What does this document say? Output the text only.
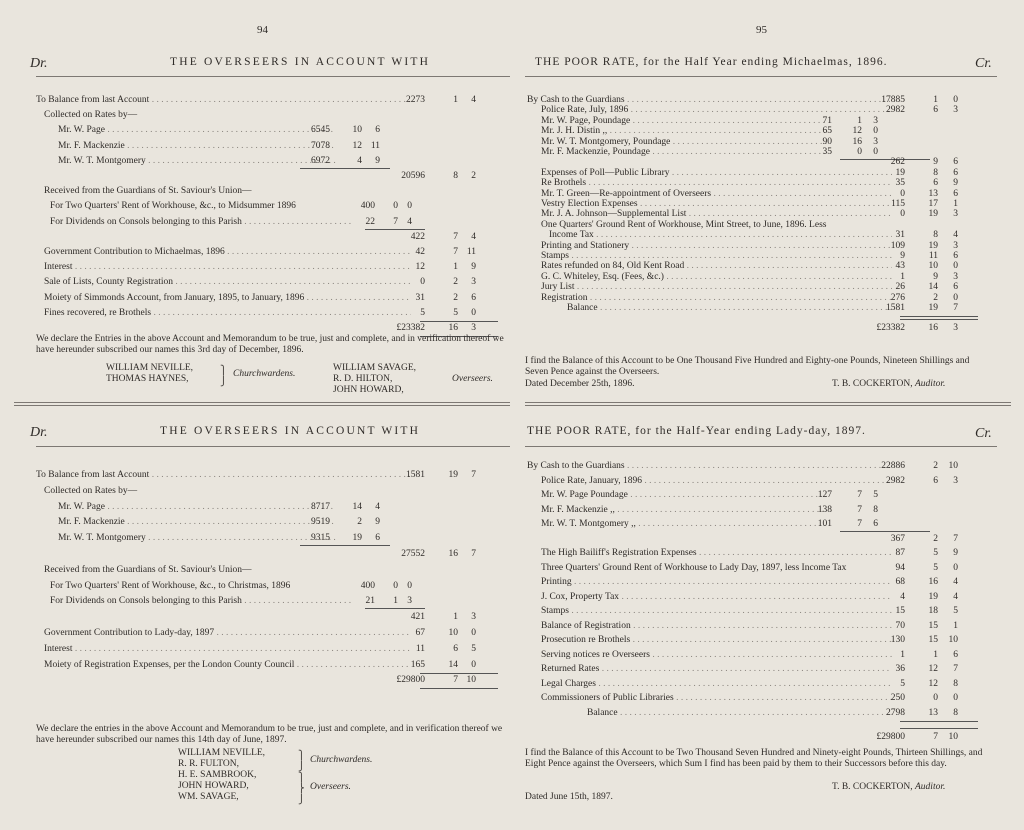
94	95
Dr.	THE OVERSEERS IN ACCOUNT WITH	THE POOR RATE, for the Half Year ending Michaelmas, 1896.	Cr.
To Balance from last Account . . .	2273	1	4
Collected on Rates by—
Mr. W. Page . . .	6545	10	6
Mr. F. Mackenzie . . .	7078	12 11
Mr. W. T. Montgomery . . .	6972	4	9
20596	8	2
Received from the Guardians of St. Saviour's Union—
For Two Quarters' Rent of Workhouse, &c., to Midsummer 1896	400	0 0
For Dividends on Consols belonging to this Parish . . .	22	7 4
422	7	4
Government Contribution to Michaelmas, 1896 . . .	42	7 11
Interest . . .	12	1	9
Sale of Lists, County Registration . . .	0	2	3
Moiety of Simmonds Account, from January, 1895, to January, 1896 . . .	31	2	6
Fines recovered, re Brothels . . .	5	5	0
£23382	16	3
By Cash to the Guardians . . .	17885	1	0
Police Rate, July, 1896 . . .	2982	6	3
Mr. W. Page, Poundage . . .	71	1	3
Mr. J. H. Distin ,, . . .	65	12	0
Mr. W. T. Montgomery, Poundage . . .	90	16	3
Mr. F. Mackenzie, Poundage . . .	35	0	0
262	9	6
Expenses of Poll—Public Library . . .	19	8	6
Re Brothels . . .	35	6	9
Mr. T. Green—Re-appointment of Overseers . . .	0	13	6
Vestry Election Expenses . . .	115	17	1
Mr. J. A. Johnson—Supplemental List . . .	0	19	3
One Quarters' Ground Rent of Workhouse, Mint Street, to June, 1896. Less
Income Tax . . .	31	8	4
Printing and Stationery . . .	109	19	3
Stamps . . .	9	11	6
Rates refunded on 84, Old Kent Road . . .	43	10	0
G. C. Whiteley, Esq. (Fees, &c.) . . .	1	9	3
Jury List . . .	26	14	6
Registration . . .	276	2	0
Balance . . .	1581	19	7
£23382	16	3
We declare the Entries in the above Account and Memorandum to be true, just and complete, and in verification thereof we have hereunder subscribed our names this 3rd day of December, 1896.
WILLIAM NEVILLE,
THOMAS HAYNES,
⎫
⎭
Churchwardens.
WILLIAM SAVAGE,
R. D. HILTON,
JOHN HOWARD,
Overseers.
I find the Balance of this Account to be One Thousand Five Hundred and Eighty-one Pounds, Nineteen Shillings and Seven Pence against the Overseers.
Dated December 25th, 1896.	T. B. COCKERTON, Auditor.
Dr.	THE OVERSEERS IN ACCOUNT WITH	THE POOR RATE, for the Half-Year ending Lady-day, 1897.	Cr.
To Balance from last Account . . .	1581	19	7
Collected on Rates by—
Mr. W. Page . . .	8717	14	4
Mr. F. Mackenzie . . .	9519	2	9
Mr. W. T. Montgomery . . .	9315	19	6
27552	16	7
Received from the Guardians of St. Saviour's Union—
For Two Quarters' Rent of Workhouse, &c., to Christmas, 1896	400	0 0
For Dividends on Consols belonging to this Parish . . .	21	1 3
421	1	3
Government Contribution to Lady-day, 1897 . . .	67	10	0
Interest . . .	11	6	5
Moiety of Registration Expenses, per the London County Council . . .	165	14	0
£29800	7 10
By Cash to the Guardians . . .	22886	2	10
Police Rate, January, 1896 . . .	2982	6	3
Mr. W. Page Poundage . . .	127	7	5
Mr. F. Mackenzie ,, . . .	138	7	8
Mr. W. T. Montgomery ,, . . .	101	7	6
367	2	7
The High Bailiff's Registration Expenses . . .	87	5	9
Three Quarters' Ground Rent of Workhouse to Lady Day, 1897, less Income Tax	94	5	0
Printing . . .	68	16	4
J. Cox, Property Tax . . .	4	19	4
Stamps . . .	15	18	5
Balance of Registration . . .	70	15	1
Prosecution re Brothels . . .	130	15	10
Serving notices re Overseers . . .	1	1	6
Returned Rates . . .	36	12	7
Legal Charges . . .	5	12	8
Commissioners of Public Libraries . . .	250	0	0
Balance . . .	2798	13	8
£29800	7	10
We declare the entries in the above Account and Memorandum to be true, just and complete, and in verification thereof we have hereunder subscribed our names this 14th day of June, 1897.
WILLIAM NEVILLE,
R. R. FULTON,
⎫
⎭
Churchwardens.
H. E. SAMBROOK,
JOHN HOWARD,
WM. SAVAGE,
⎫
⎬
⎭
Overseers.
I find the Balance of this Account to be Two Thousand Seven Hundred and Ninety-eight Pounds, Thirteen Shillings, and Eight Pence against the Overseers, which Sum I find has been paid by them to their Successors before this day.
Dated June 15th, 1897.
T. B. COCKERTON, Auditor.
